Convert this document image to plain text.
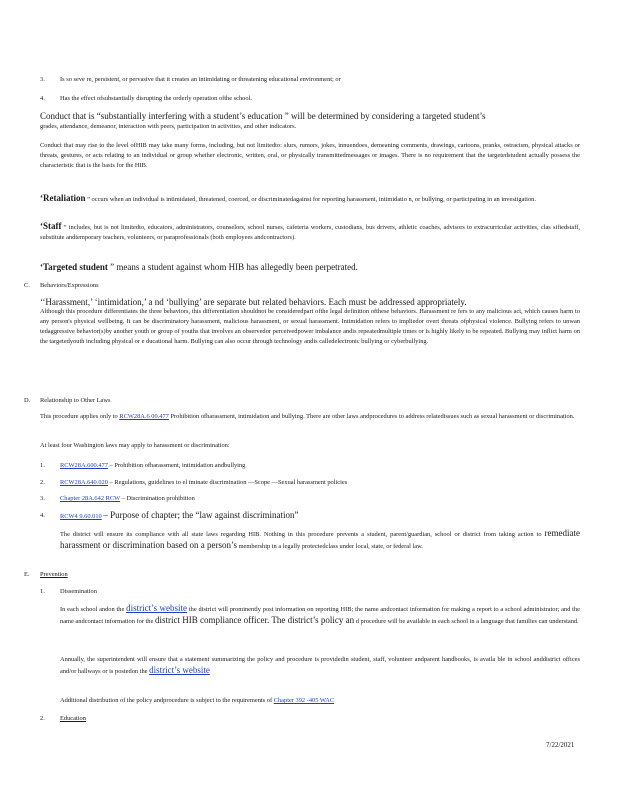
3. Is so seve re, persistent, or pervasive that it creates an intimidating or threatening educational environment; or
4. Has the effect ofsubstantially disrupting the orderly operation ofthe school.
Conduct that is “substantially interfering with a student’s education ” will be determined by considering a targeted student’s
grades, attendance, demeanor, interaction with peers, participation in activities, and other indicators.
Conduct that may rise to the level ofHIB may take many forms, including, but not limitedto: slurs, rumors, jokes, innuendoes, demeaning comments, drawings, cartoons, pranks, ostracism, physical attacks or threats, gestures, or acts relating to an individual or group whether electronic, written, oral, or physically transmittedmessages or images. There is no requirement that the targetedstudent actually possess the characteristic that is the basis for the HIB.
‘Retaliation ” occurs when an individual is intimidated, threatened, coerced, or discriminatedagainst for reporting harassment, intimidatio n, or bullying, or participating in an investigation.
‘Staff ” includes, but is not limitedto, educators, administrators, counselors, school nurses, cafeteria workers, custodians, bus drivers, athletic coaches, advisors to extracurricular activities, clas sifiedstaff, substitute andtemporary teachers, volunteers, or paraprofessionals (both employees andcontractors).
‘Targeted student ” means a student against whom HIB has allegedly been perpetrated.
C. Behaviors/Expressions
‘‘Harassment,’ ‘intimidation,’ a nd ‘bullying’ are separate but related behaviors. Each must be addressed appropriately.
Although this procedure differentiates the three behaviors, this differentiation shouldnot be consideredpart ofthe legal definition ofthese behaviors. Harassment re fers to any malicious act, which causes harm to any person's physical wellbeing. It can be discriminatory harassment, malicious harassment, or sexual harassment. Intimidation refers to impliedor overt threats ofphysical violence. Bullying refers to unwan tedaggressive behavior(s)by another youth or group of youths that involves an observedor perceivedpower imbalance andis repeatedmultiple times or is highly likely to be repeated. Bullying may inflict harm on the targetedyouth including physical or e ducational harm. Bullying can also occur through technology andis calledelectronic bullying or cyberbullying.
D. Relationship to Other Laws
This procedure applies only to RCW28A.6 00.477 Prohibition ofharassment, intimidation and bullying. There are other laws andprocedures to address relatedissues such as sexual harassment or discrimination.
At least four Washington laws may apply to harassment or discrimination:
1. RCW28A.600.477 – Prohibition ofharassment, intimidation andbullying
2. RCW28A.640.020 – Regulations, guidelines to el iminate discrimination —Scope —Sexual harassment policies
3. Chapter 28A.642 RCW – Discrimination prohibition
4. RCW4 9.60.010 – Purpose of chapter; the “law against discrimination”
The district will ensure its compliance with all state laws regarding HIB. Nothing in this procedure prevents a student, parent/guardian, school or district from taking action to remediate harassment or discrimination based on a person’s membership in a legally protectedclass under local, state, or federal law.
E. Prevention
1. Dissemination
In each school andon the district’s website the district will prominently post information on reporting HIB; the name andcontact information for making a report to a school administrator; and the name andcontact information for the district HIB compliance officer. The district’s policy an d procedure will be available in each school in a language that families can understand.
Annually, the superintendent will ensure that a statement summarizing the policy and procedure is providedin student, staff, volunteer andparent handbooks, is availa ble in school anddistrict offices and/or hallways or is postedon the district’s website
Additional distribution of the policy andprocedure is subject to the requirements of Chapter 392 -405 WAC
2. Education
7/22/2021
